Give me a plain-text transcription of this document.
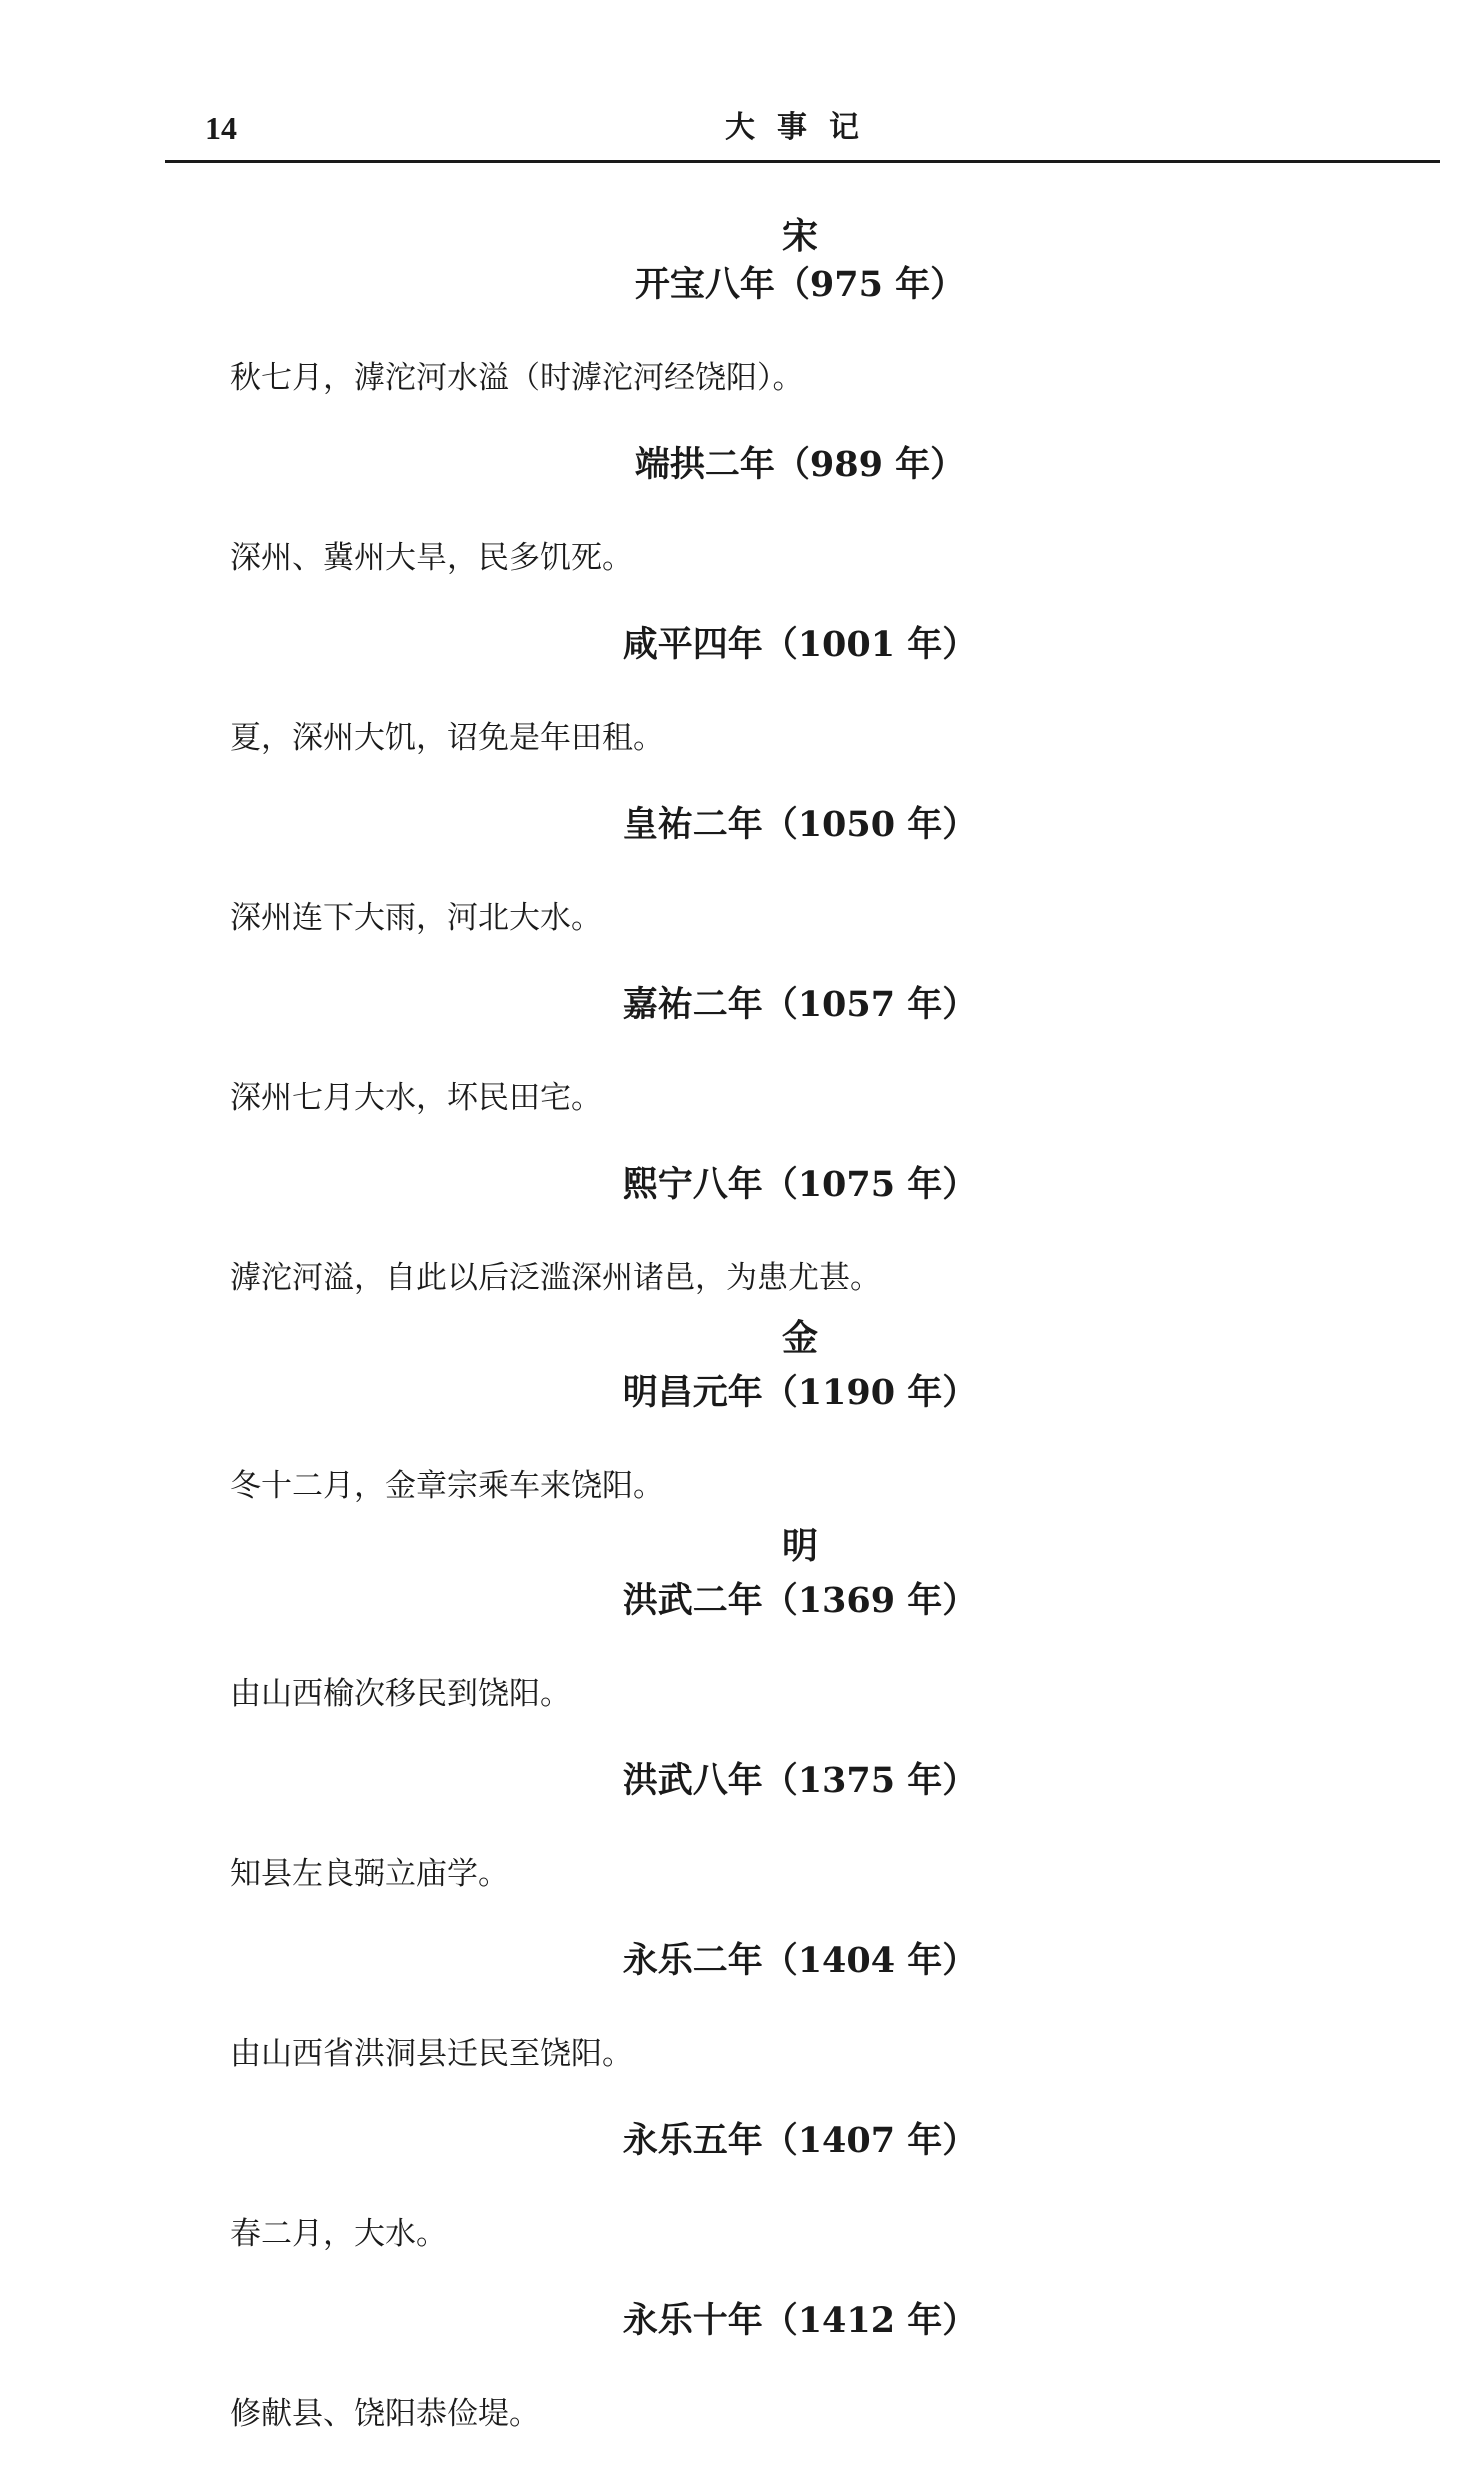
14	大事记
宋
开宝八年（975 年）
秋七月，滹沱河水溢（时滹沱河经饶阳）。
端拱二年（989 年）
深州、冀州大旱，民多饥死。
咸平四年（1001 年）
夏，深州大饥，诏免是年田租。
皇祐二年（1050 年）
深州连下大雨，河北大水。
嘉祐二年（1057 年）
深州七月大水，坏民田宅。
熙宁八年（1075 年）
滹沱河溢，自此以后泛滥深州诸邑，为患尤甚。
金
明昌元年（1190 年）
冬十二月，金章宗乘车来饶阳。
明
洪武二年（1369 年）
由山西榆次移民到饶阳。
洪武八年（1375 年）
知县左良弼立庙学。
永乐二年（1404 年）
由山西省洪洞县迁民至饶阳。
永乐五年（1407 年）
春二月，大水。
永乐十年（1412 年）
修献县、饶阳恭俭堤。
